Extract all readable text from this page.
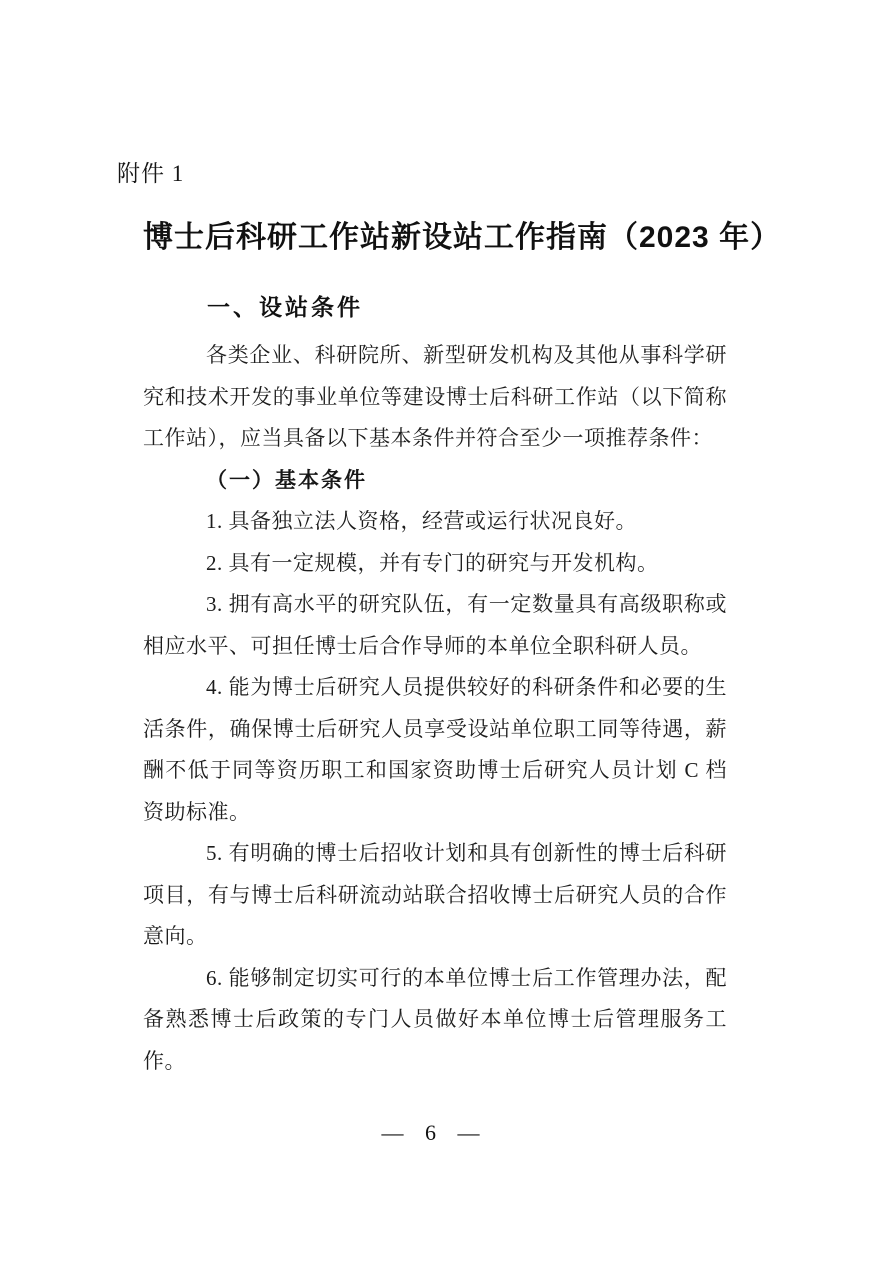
附件 1
博士后科研工作站新设站工作指南（2023 年）

一、设站条件

各类企业、科研院所、新型研发机构及其他从事科学研究和技术开发的事业单位等建设博士后科研工作站（以下简称工作站），应当具备以下基本条件并符合至少一项推荐条件：

（一）基本条件

1. 具备独立法人资格，经营或运行状况良好。

2. 具有一定规模，并有专门的研究与开发机构。

3. 拥有高水平的研究队伍，有一定数量具有高级职称或相应水平、可担任博士后合作导师的本单位全职科研人员。

4. 能为博士后研究人员提供较好的科研条件和必要的生活条件，确保博士后研究人员享受设站单位职工同等待遇，薪酬不低于同等资历职工和国家资助博士后研究人员计划 C 档资助标准。

5. 有明确的博士后招收计划和具有创新性的博士后科研项目，有与博士后科研流动站联合招收博士后研究人员的合作意向。

6. 能够制定切实可行的本单位博士后工作管理办法，配备熟悉博士后政策的专门人员做好本单位博士后管理服务工作。

— 6 —
